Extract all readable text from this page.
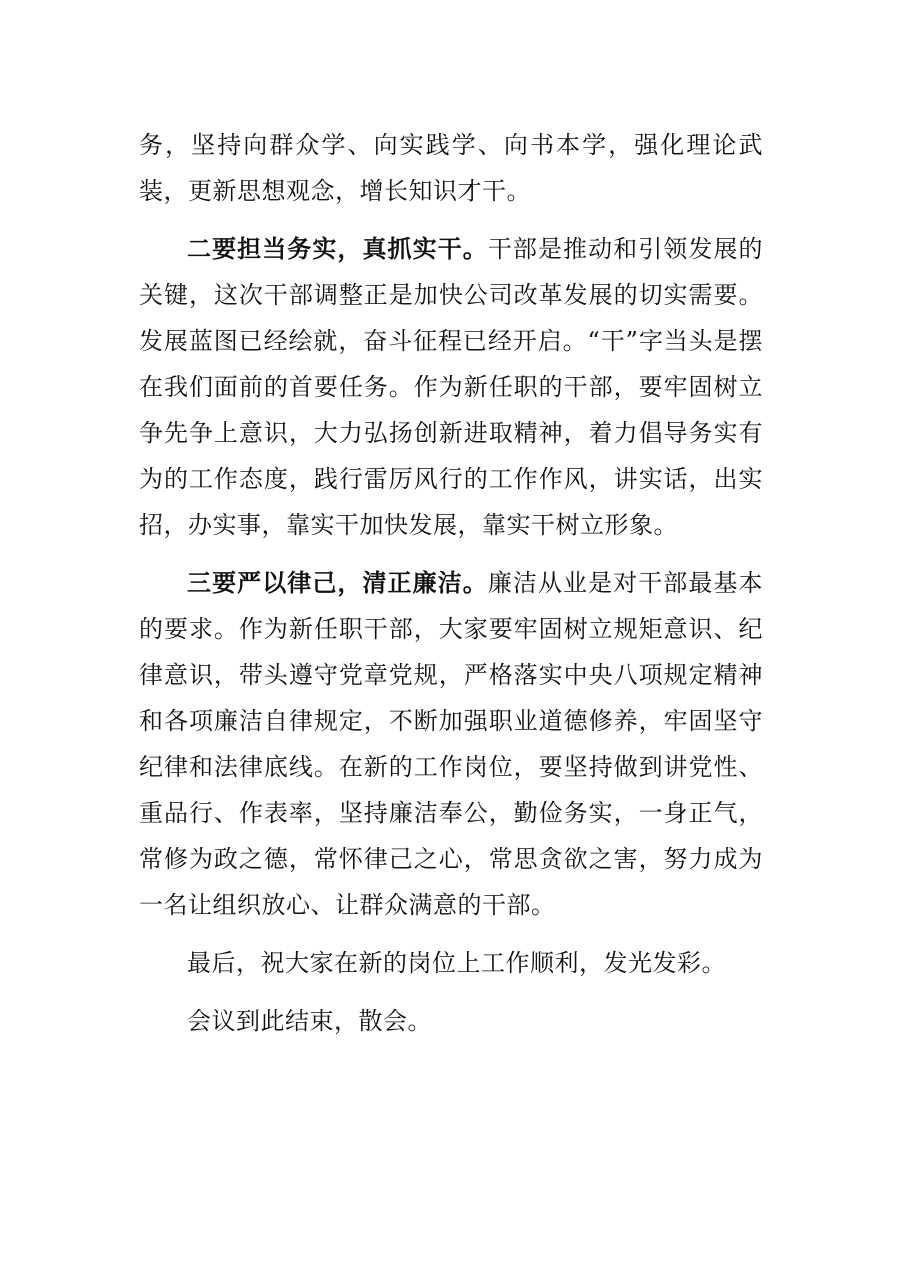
务，坚持向群众学、向实践学、向书本学，强化理论武装，更新思想观念，增长知识才干。

二要担当务实，真抓实干。干部是推动和引领发展的关键，这次干部调整正是加快公司改革发展的切实需要。发展蓝图已经绘就，奋斗征程已经开启。“干”字当头是摆在我们面前的首要任务。作为新任职的干部，要牢固树立争先争上意识，大力弘扬创新进取精神，着力倡导务实有为的工作态度，践行雷厉风行的工作作风，讲实话，出实招，办实事，靠实干加快发展，靠实干树立形象。

三要严以律己，清正廉洁。廉洁从业是对干部最基本的要求。作为新任职干部，大家要牢固树立规矩意识、纪律意识，带头遵守党章党规，严格落实中央八项规定精神和各项廉洁自律规定，不断加强职业道德修养，牢固坚守纪律和法律底线。在新的工作岗位，要坚持做到讲党性、重品行、作表率，坚持廉洁奉公，勤俭务实，一身正气，常修为政之德，常怀律己之心，常思贪欲之害，努力成为一名让组织放心、让群众满意的干部。

最后，祝大家在新的岗位上工作顺利，发光发彩。

会议到此结束，散会。
